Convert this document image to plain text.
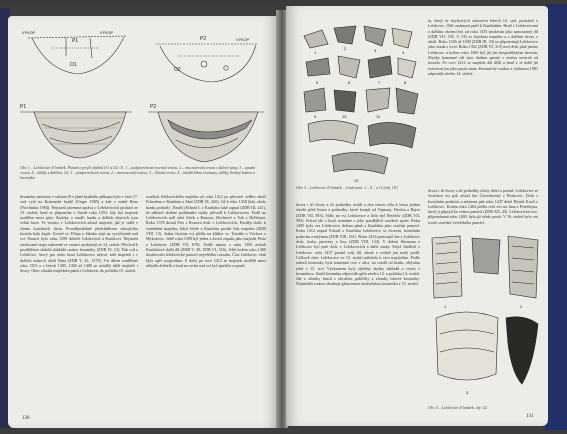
P1
O1
VÝKOP	VÝKOP
P2
O2
VÝKOP
P1	P2
Obr. 1 – Lelekovice II hrádek. Plánek a profil objektů O1 a O2. 01. 1 – podpovrchová recentní vrstva, 2 – mocnotrvalá vrstva s kůlové jámy, 3 – spodní vrstva, 4 – uhlíky s dalšími, O2: 1 – podpovrchová vrstva, 2 – mocnotrvalá vrstva, 3 – hlinitá vrstva, 4 – hnědá hlína s kameny, uhlíky, drobný kámen a keramika.
keramiky nalezeno v sektoru B v jámě hradního příkopu bylo v čase 17. stol. ryté na Krásenské hradě (Unger 1985) a kde v místě Brno (Procházka 1994). Nejstarší písemná zpráva o Lelekovicích pochází ze 13. století; hrad se připomíná v listině roku 1292, kdy byl majetek rozdělen mezi páry. Zmínky o osadě, hradu a dalších zbytcích jsou velmi kusé. Ve vesnici v Lelekovicích zůstal majetek, jak je vidět v zlomu kostelních listin. Pravděpodobně předchůdcem stávajícího kostela byla kaple. Kostel sv. Filipa a Jakuba stojí na vyvýšenině nad vsí. Panství bylo roku 1399 držiteli Lelekoviců a Kuníkovi. Nejstarší zachované stopy nalezené ve vesnici pocházejí ze 14. století. Přechod k pozdějšímu období dokládá soubor keramiky (ZDB IV, 12). Pak rod z Lelekovic, který pro tento hrad Lelekovice užíval, měl majetek i v dalších místech okolí Brna (ZDB V, 42, 1379). Vsi dílem rozdělené roku 1353 a v letech 1385, 1392 až 1400 se uvádějí další majitelé i dvory. Obec zůstala majetkem pánů z Lelekovic do počátku 15. století.
součástí lelekovického majetku až roku 1412 po převzetí celého zboží Erhardem z Kunštátu a Skal (ZDB IX, 420). Již k roku 1358 (kdy okolo hradu prohrály ‚Pasek') Erhard I. z Kunštátu také zapsal (ZDB III, 241), že některé drobné poddanské statky převedl k Lelekovicím. Podíl na Lelekovicích měl také Ješek z Ronova, Hechtové a Vok z Holštejna. Roku 1378 dostal Petr z Ronova dvůr v Lelekovicích. Později došlo k vyměnění majetku, když Ješek z Kunštátu prodal část majetku (ZDB VIII, 13). Jedna čtvrtina vsi přešla na klášter sv. Tomáše a Václava z Mykolovic. Ještě roku 1390 byl jeden z dvorů zapsán jako majetek Petra z Lelekovic (ZDB VII, 678). Podle zápisu z roku 1392 získali Kunštátové další díl (ZDB V, 39; ZDB VI, 316). Ještě kolem roku 1400 dosahovalo lelekovické panství největšího rozsahu. Část Lelekovic však byla opět rozprodána. Z doby po roce 1412 se majetek rozdělil mezi několik držitelů a hrad na vrchu nad vsí byl opuštěn a zpustl.
130
1
2	3	4
5	6	7	8
9	10	11
12
Obr. 3 – Lelekovice II hrádek – 2 nalezená. 1 – 8 – a 12 (obj. O1)
tu, který se zbytkových sektorech lebech 14. stol. pocházel z Lelekovic. Obě osobnosti patří k Kunštátům. Hrad s Lelekovicemi a dalšími obcemi byl od roku 1353 prodáván jako samostatný díl (ZDB VII, 195, V, 54) se zbytkem majetku a s dalšími dvory v okolí. Roku 1365 až 1390 (ZDB III, 33) se připomínají Lelekovice jako osada s tvrzí. Roku 1392 (ZDB VI, 315) nesl dvůr plné jméno Lelekovic a kolem roku 1400 byl již jen hospodářským dvorem. Zbytky kamenné zdi jsou dodnes patrné v terénu severně od kostela. Po roce 1412 se majetek dál dělil a hrad v té době již existoval jen jako pustá ruina. Keramický soubor z výzkumu 1981 odpovídá závěru 14. století.
dvora i tři dvory a tři podsedky uvádí a dva tohoto dílu k lomu jejímu ohodit před lesem a podsedky, které koupil od Vajmara, Hechta a Rajce (ZDB VII, 583). Sídlo na vsi Lelekovice a dvůr byl Hechtův (ZDB VII, 583). Pokud jde o hrad, nemáme o jeho pozdějších osudech zpráv. Roku 1405 byla ves Lelekovice držena pánů z Kunštátu jako součást panství. Roku 1412 zapsal Erhard z Kunštátu Lelekovice se dvorem, kostelním podacím a mlýnem (ZDB VIII, 161). Roku 1416 postoupil Jan z Lelekovic dvůr, louky, pastviny a lesy (ZDB VIII, 124). V držení Hermana z Lelekovic byl poté dvůr v Lelekovicích a další statky. Když Jindřich z Lelekovic roku 1437 prodal svůj díl, zůstal v rodině jen malý podíl. Celkově obec Lelekovice ve 15. století náležela k více majitelům. Podle nálezů keramiky byla kamenná tvrz v obci, na rozdíl od hradu, obývána ještě v 15. stol. Výzkumem byly zjištěny zbytky základů a vrstvy s keramikou. Starší keramika odpovídá spíše závěru 13. a počátku 14. století. Jde o zlomky hrnců s okružím, pokličky a zlomky tuhové keramiky. Nejmladší soubor obsahuje glazovanou kuchyňskou keramiku z 15. století.
dvora i tři dvory a tři podsedky tehdy držel a prodal. Lelekovice se čtvrtinou vsi pak získal Jan Černohorský z Boskovic. Dvůr s kostelním podacím a mlýnem pak roku 1447 držel Hynek Kozlí z Lelekovic. Kolem roku 1464 přešla celá ves na Jana z Pernštejna, který ji připojil ke svému panství (ZDB XII, 45). Lelekovická tvrz, připomínaná roku 1480, byla již tehdy pustá. V 16. století byla ves trvale součástí veveřského panství.
1	2
3
Obr. 4 – Lelekovice II hrádek. obj. O2
131
